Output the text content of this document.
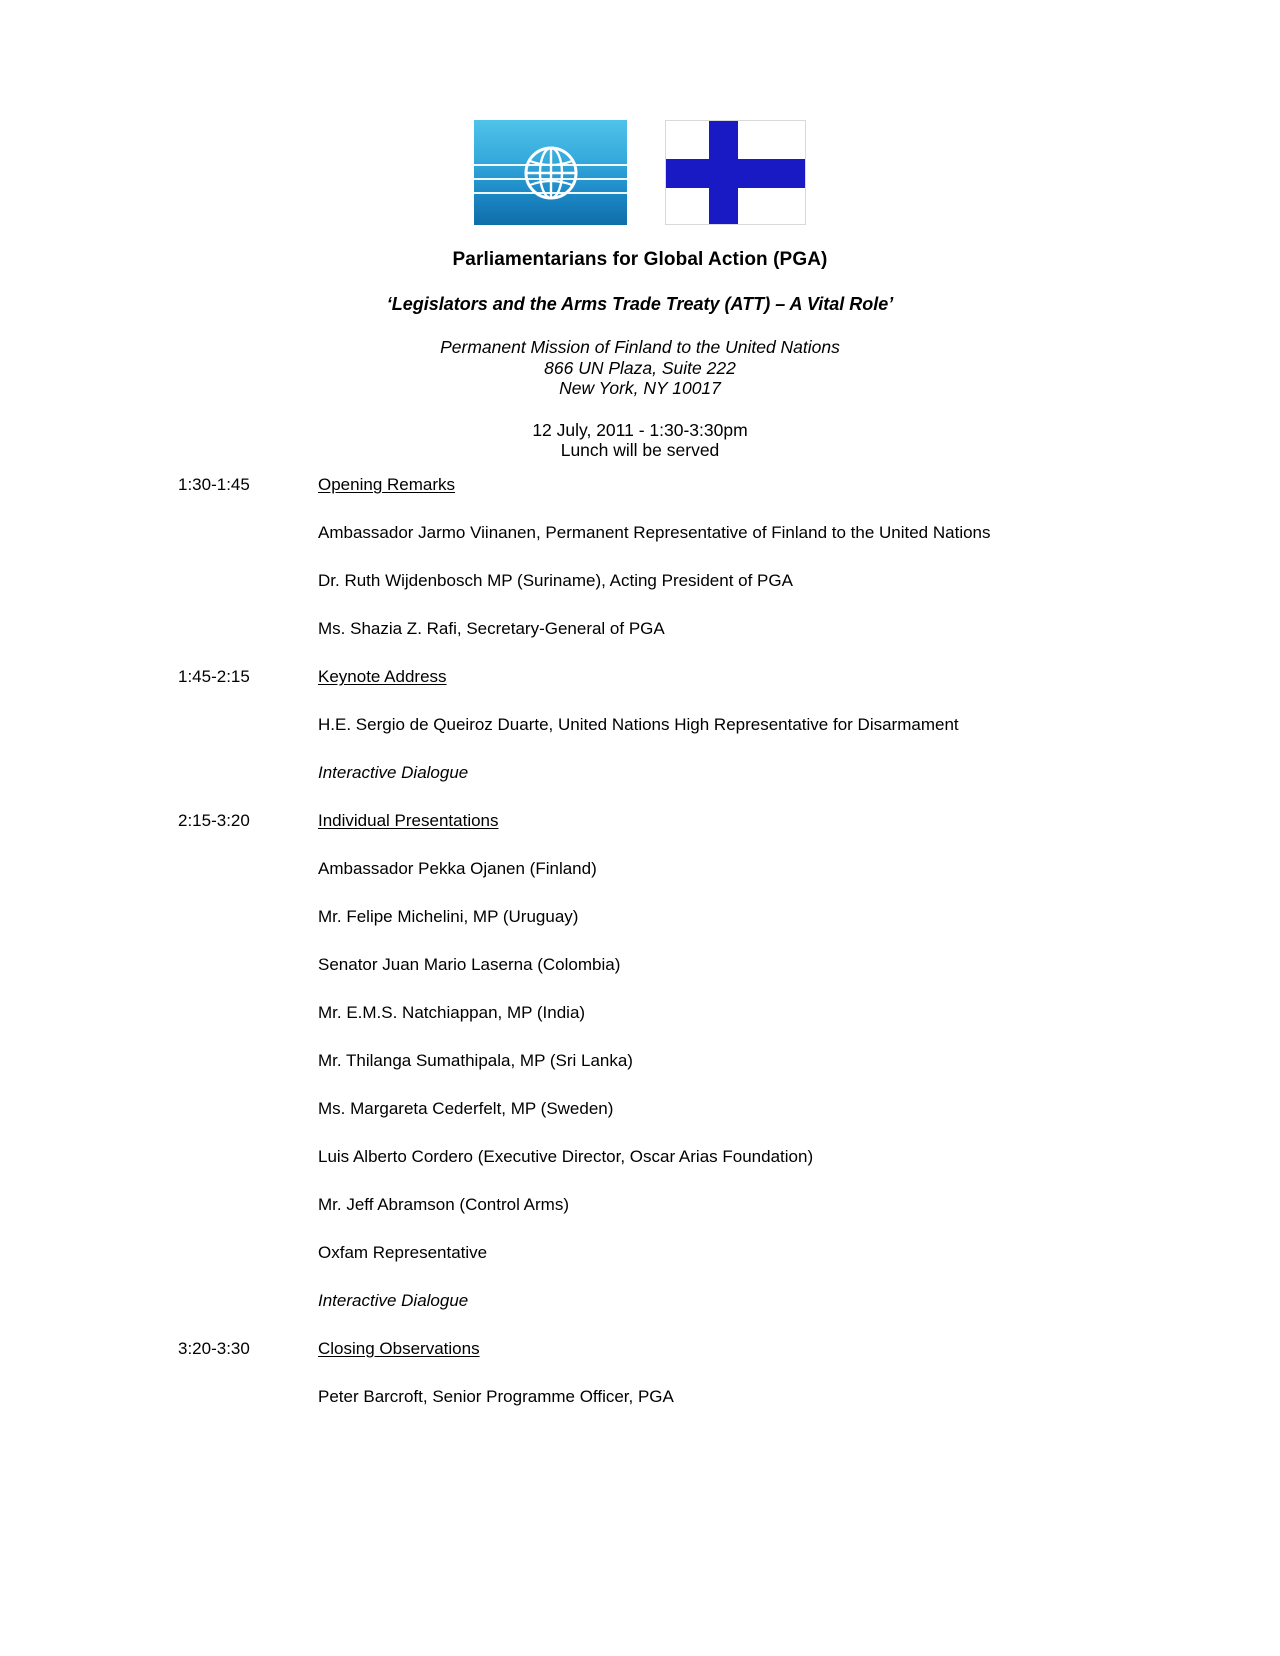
Parliamentarians for Global Action (PGA)
‘Legislators and the Arms Trade Treaty (ATT) – A Vital Role’
Permanent Mission of Finland to the United Nations
866 UN Plaza, Suite 222
New York, NY 10017
12 July, 2011 - 1:30-3:30pm
Lunch will be served
1:30-1:45	Opening Remarks
Ambassador Jarmo Viinanen, Permanent Representative of Finland to the United Nations
Dr. Ruth Wijdenbosch MP (Suriname), Acting President of PGA
Ms. Shazia Z. Rafi, Secretary-General of PGA
1:45-2:15	Keynote Address
H.E. Sergio de Queiroz Duarte, United Nations High Representative for Disarmament
Interactive Dialogue
2:15-3:20	Individual Presentations
Ambassador Pekka Ojanen (Finland)
Mr. Felipe Michelini, MP (Uruguay)
Senator Juan Mario Laserna (Colombia)
Mr. E.M.S. Natchiappan, MP (India)
Mr. Thilanga Sumathipala, MP (Sri Lanka)
Ms. Margareta Cederfelt, MP (Sweden)
Luis Alberto Cordero (Executive Director, Oscar Arias Foundation)
Mr. Jeff Abramson (Control Arms)
Oxfam Representative
Interactive Dialogue
3:20-3:30	Closing Observations
Peter Barcroft, Senior Programme Officer, PGA
